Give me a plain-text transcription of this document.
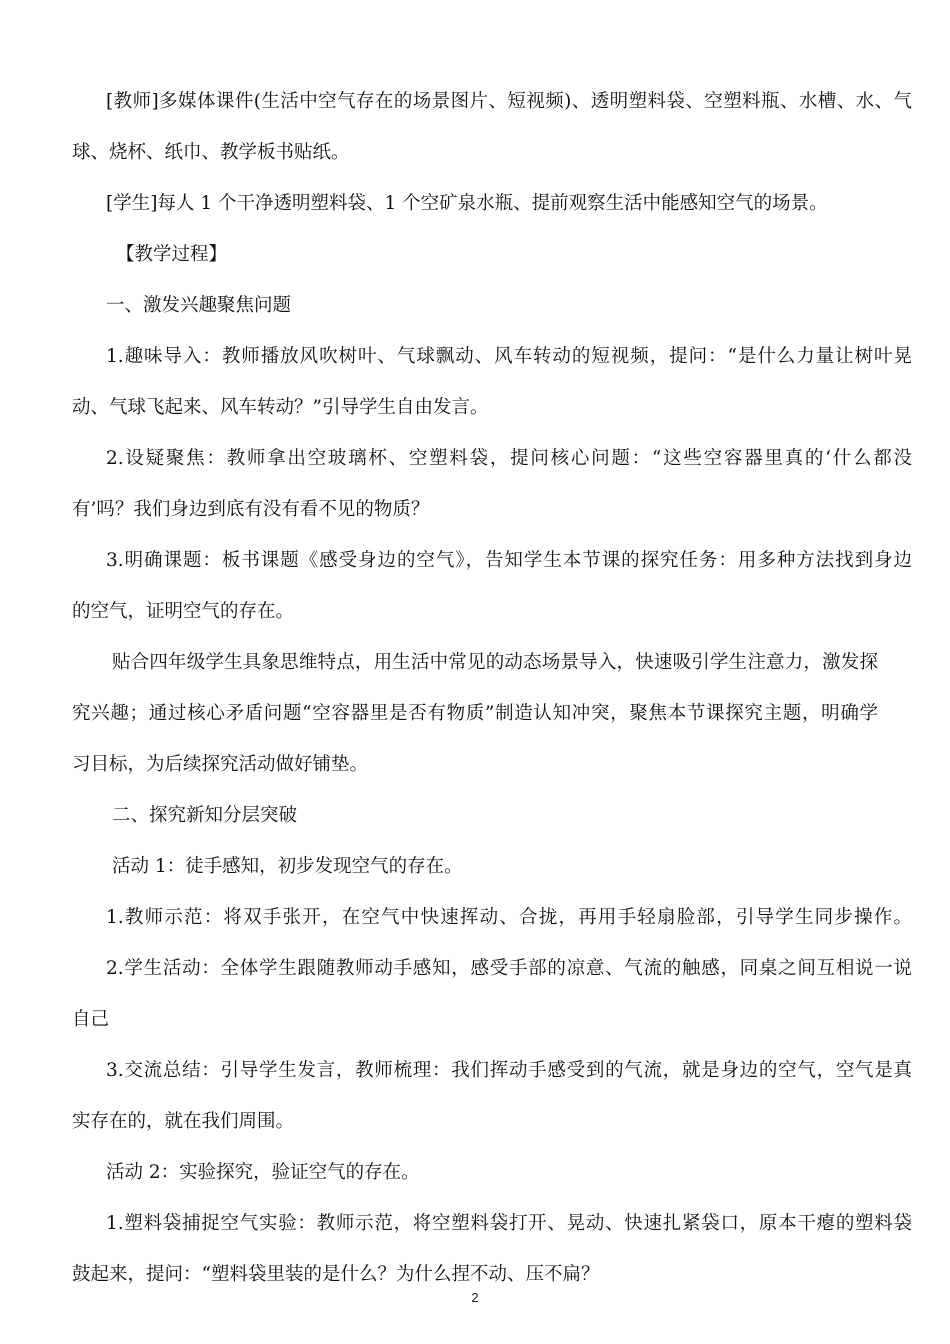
[教师]多媒体课件(生活中空气存在的场景图片、短视频)、透明塑料袋、空塑料瓶、水槽、水、气
球、烧杯、纸巾、教学板书贴纸。
[学生]每人 1 个干净透明塑料袋、1 个空矿泉水瓶、提前观察生活中能感知空气的场景。
【教学过程】
一、激发兴趣聚焦问题
1.趣味导入：教师播放风吹树叶、气球飘动、风车转动的短视频，提问：“是什么力量让树叶晃
动、气球飞起来、风车转动？”引导学生自由发言。
2.设疑聚焦：教师拿出空玻璃杯、空塑料袋，提问核心问题：“这些空容器里真的‘什么都没
有’吗？我们身边到底有没有看不见的物质？
3.明确课题：板书课题《感受身边的空气》，告知学生本节课的探究任务：用多种方法找到身边
的空气，证明空气的存在。
贴合四年级学生具象思维特点，用生活中常见的动态场景导入，快速吸引学生注意力，激发探
究兴趣；通过核心矛盾问题“空容器里是否有物质”制造认知冲突，聚焦本节课探究主题，明确学
习目标，为后续探究活动做好铺垫。
二、探究新知分层突破
活动 1：徒手感知，初步发现空气的存在。
1.教师示范：将双手张开，在空气中快速挥动、合拢，再用手轻扇脸部，引导学生同步操作。
2.学生活动：全体学生跟随教师动手感知，感受手部的凉意、气流的触感，同桌之间互相说一说
自己
3.交流总结：引导学生发言，教师梳理：我们挥动手感受到的气流，就是身边的空气，空气是真
实存在的，就在我们周围。
活动 2：实验探究，验证空气的存在。
1.塑料袋捕捉空气实验：教师示范，将空塑料袋打开、晃动、快速扎紧袋口，原本干瘪的塑料袋
鼓起来，提问：“塑料袋里装的是什么？为什么捏不动、压不扁？
2
